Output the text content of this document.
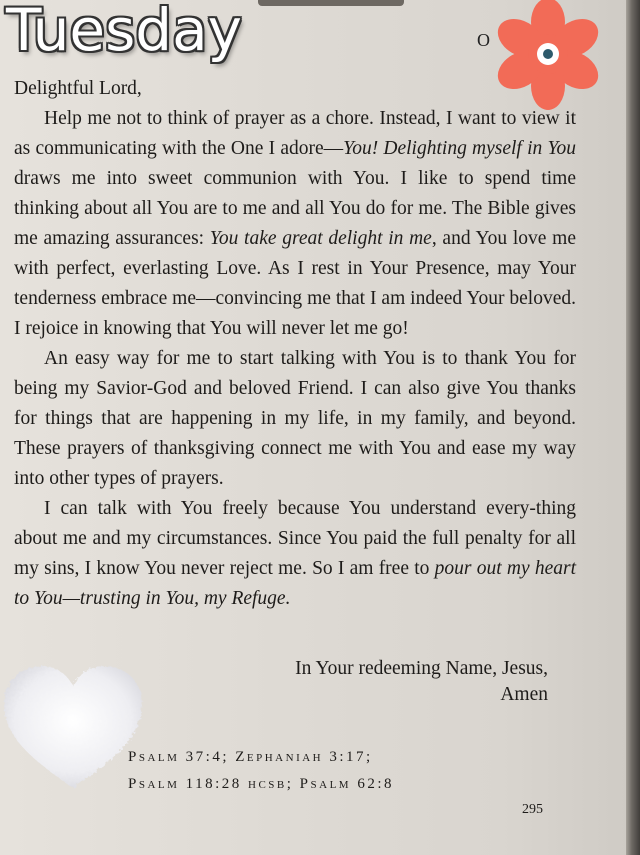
O
Tuesday

Delightful Lord,

Help me not to think of prayer as a chore. Instead, I want to view it as communicating with the One I adore—You! Delighting myself in You draws me into sweet communion with You. I like to spend time thinking about all You are to me and all You do for me. The Bible gives me amazing assurances: You take great delight in me, and You love me with perfect, everlasting Love. As I rest in Your Presence, may Your tenderness embrace me—convincing me that I am indeed Your beloved. I rejoice in knowing that You will never let me go!

An easy way for me to start talking with You is to thank You for being my Savior-God and beloved Friend. I can also give You thanks for things that are happening in my life, in my family, and beyond. These prayers of thanksgiving connect me with You and ease my way into other types of prayers.

I can talk with You freely because You understand every-thing about me and my circumstances. Since You paid the full penalty for all my sins, I know You never reject me. So I am free to pour out my heart to You—trusting in You, my Refuge.

In Your redeeming Name, Jesus,
Amen
Psalm 37:4; Zephaniah 3:17;
Psalm 118:28 hcsb; Psalm 62:8
295
